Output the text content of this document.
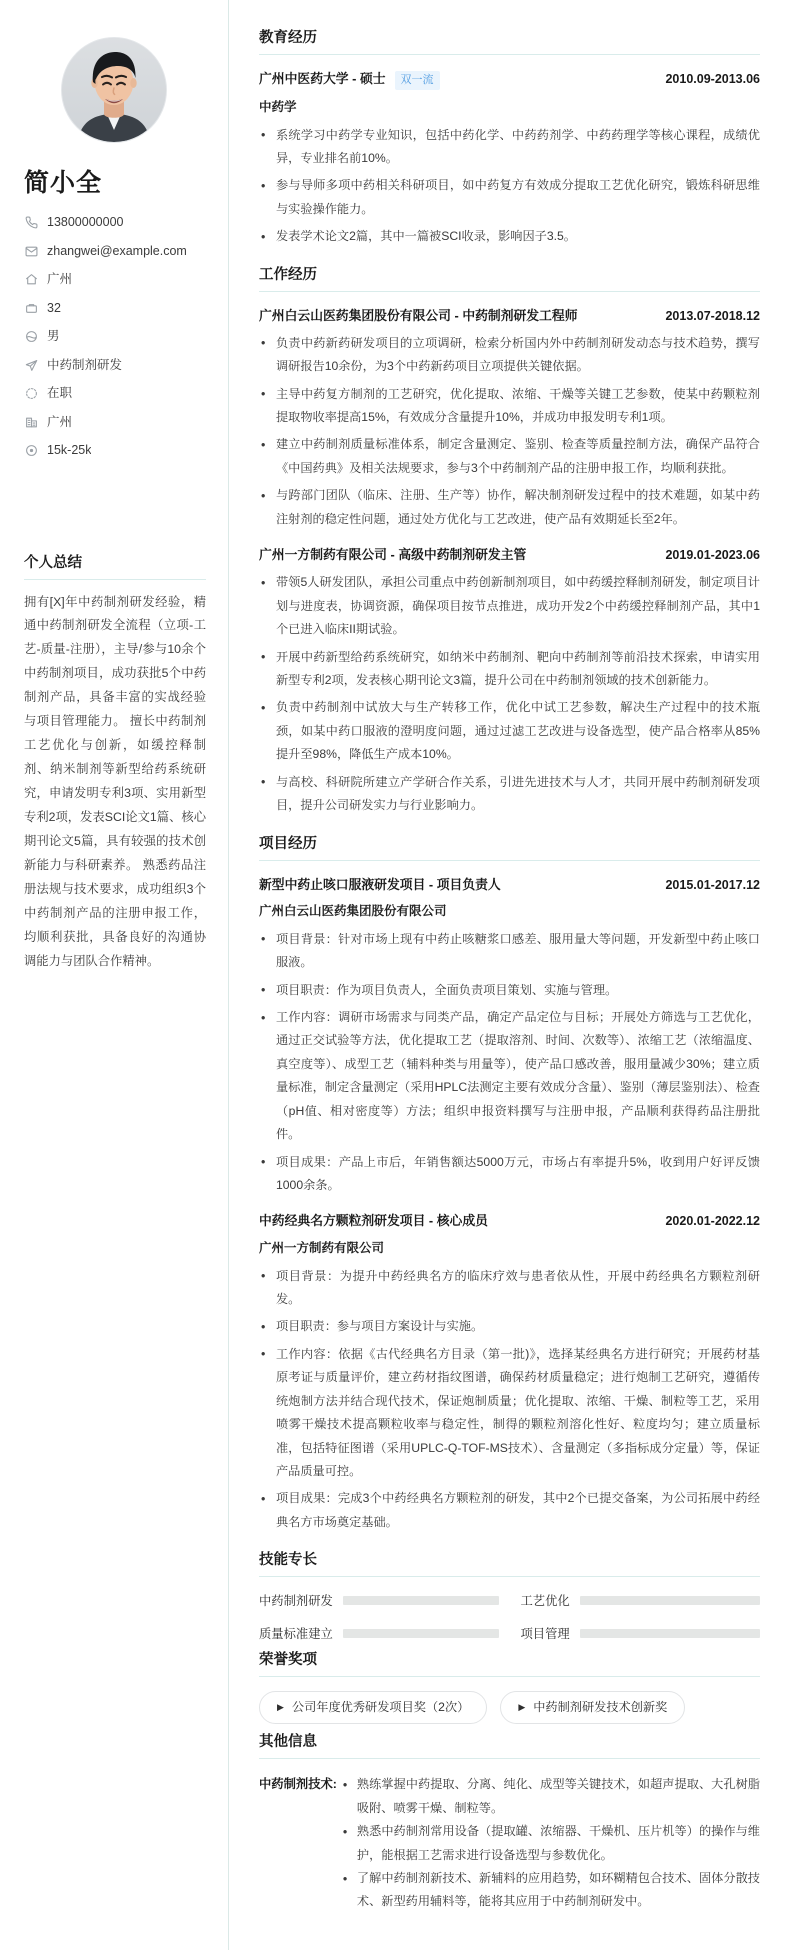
简小全
13800000000
zhangwei@example.com
广州
32
男
中药制剂研发
在职
广州
15k-25k
个人总结
拥有[X]年中药制剂研发经验，精通中药制剂研发全流程（立项-工艺-质量-注册），主导/参与10余个中药制剂项目，成功获批5个中药制剂产品，具备丰富的实战经验与项目管理能力。 擅长中药制剂工艺优化与创新，如缓控释制剂、纳米制剂等新型给药系统研究，申请发明专利3项、实用新型专利2项，发表SCI论文1篇、核心期刊论文5篇，具有较强的技术创新能力与科研素养。 熟悉药品注册法规与技术要求，成功组织3个中药制剂产品的注册申报工作，均顺利获批，具备良好的沟通协调能力与团队合作精神。
教育经历
广州中医药大学 - 硕士	双一流	2010.09-2013.06
中药学
• 系统学习中药学专业知识，包括中药化学、中药药剂学、中药药理学等核心课程，成绩优异，专业排名前10%。
• 参与导师多项中药相关科研项目，如中药复方有效成分提取工艺优化研究，锻炼科研思维与实验操作能力。
• 发表学术论文2篇，其中一篇被SCI收录，影响因子3.5。
工作经历
广州白云山医药集团股份有限公司 - 中药制剂研发工程师	2013.07-2018.12
• 负责中药新药研发项目的立项调研，检索分析国内外中药制剂研发动态与技术趋势，撰写调研报告10余份，为3个中药新药项目立项提供关键依据。
• 主导中药复方制剂的工艺研究，优化提取、浓缩、干燥等关键工艺参数，使某中药颗粒剂提取物收率提高15%，有效成分含量提升10%，并成功申报发明专利1项。
• 建立中药制剂质量标准体系，制定含量测定、鉴别、检查等质量控制方法，确保产品符合《中国药典》及相关法规要求，参与3个中药制剂产品的注册申报工作，均顺利获批。
• 与跨部门团队（临床、注册、生产等）协作，解决制剂研发过程中的技术难题，如某中药注射剂的稳定性问题，通过处方优化与工艺改进，使产品有效期延长至2年。
广州一方制药有限公司 - 高级中药制剂研发主管	2019.01-2023.06
• 带领5人研发团队，承担公司重点中药创新制剂项目，如中药缓控释制剂研发，制定项目计划与进度表，协调资源，确保项目按节点推进，成功开发2个中药缓控释制剂产品，其中1个已进入临床II期试验。
• 开展中药新型给药系统研究，如纳米中药制剂、靶向中药制剂等前沿技术探索，申请实用新型专利2项，发表核心期刊论文3篇，提升公司在中药制剂领域的技术创新能力。
• 负责中药制剂中试放大与生产转移工作，优化中试工艺参数，解决生产过程中的技术瓶颈，如某中药口服液的澄明度问题，通过过滤工艺改进与设备选型，使产品合格率从85%提升至98%，降低生产成本10%。
• 与高校、科研院所建立产学研合作关系，引进先进技术与人才，共同开展中药制剂研发项目，提升公司研发实力与行业影响力。
项目经历
新型中药止咳口服液研发项目 - 项目负责人	2015.01-2017.12
广州白云山医药集团股份有限公司
• 项目背景：针对市场上现有中药止咳糖浆口感差、服用量大等问题，开发新型中药止咳口服液。
• 项目职责：作为项目负责人，全面负责项目策划、实施与管理。
• 工作内容：调研市场需求与同类产品，确定产品定位与目标；开展处方筛选与工艺优化，通过正交试验等方法，优化提取工艺（提取溶剂、时间、次数等）、浓缩工艺（浓缩温度、真空度等）、成型工艺（辅料种类与用量等），使产品口感改善，服用量减少30%；建立质量标准，制定含量测定（采用HPLC法测定主要有效成分含量）、鉴别（薄层鉴别法）、检查（pH值、相对密度等）方法；组织申报资料撰写与注册申报，产品顺利获得药品注册批件。
• 项目成果：产品上市后，年销售额达5000万元，市场占有率提升5%，收到用户好评反馈1000余条。
中药经典名方颗粒剂研发项目 - 核心成员	2020.01-2022.12
广州一方制药有限公司
• 项目背景：为提升中药经典名方的临床疗效与患者依从性，开展中药经典名方颗粒剂研发。
• 项目职责：参与项目方案设计与实施。
• 工作内容：依据《古代经典名方目录（第一批)》，选择某经典名方进行研究；开展药材基原考证与质量评价，建立药材指纹图谱，确保药材质量稳定；进行炮制工艺研究，遵循传统炮制方法并结合现代技术，保证炮制质量；优化提取、浓缩、干燥、制粒等工艺，采用喷雾干燥技术提高颗粒收率与稳定性，制得的颗粒剂溶化性好、粒度均匀；建立质量标准，包括特征图谱（采用UPLC-Q-TOF-MS技术）、含量测定（多指标成分定量）等，保证产品质量可控。
• 项目成果：完成3个中药经典名方颗粒剂的研发，其中2个已提交备案，为公司拓展中药经典名方市场奠定基础。
技能专长
中药制剂研发	工艺优化
质量标准建立	项目管理
荣誉奖项
▶ 公司年度优秀研发项目奖（2次）	▶ 中药制剂研发技术创新奖
其他信息
中药制剂技术:	• 熟练掌握中药提取、分离、纯化、成型等关键技术，如超声提取、大孔树脂吸附、喷雾干燥、制粒等。
• 熟悉中药制剂常用设备（提取罐、浓缩器、干燥机、压片机等）的操作与维护，能根据工艺需求进行设备选型与参数优化。
• 了解中药制剂新技术、新辅料的应用趋势，如环糊精包合技术、固体分散技术、新型药用辅料等，能将其应用于中药制剂研发中。
